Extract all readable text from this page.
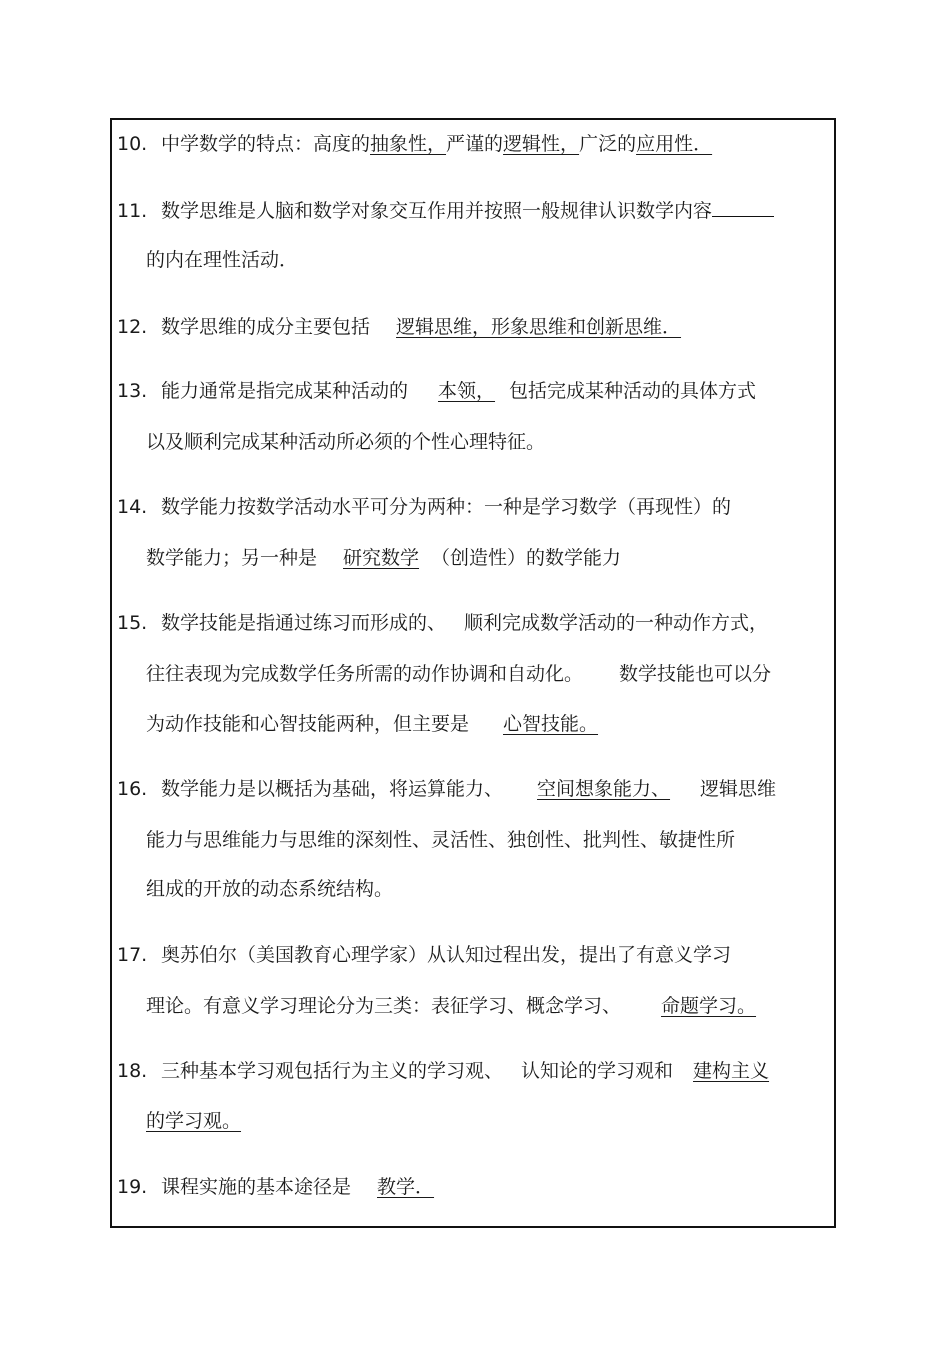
10. 中学数学的特点：高度的抽象性，严谨的逻辑性，广泛的应用性．
11. 数学思维是人脑和数学对象交互作用并按照一般规律认识数学内容
的内在理性活动．
12. 数学思维的成分主要包括 逻辑思维，形象思维和创新思维．
13. 能力通常是指完成某种活动的 本领， 包括完成某种活动的具体方式
以及顺利完成某种活动所必须的个性心理特征。
14. 数学能力按数学活动水平可分为两种：一种是学习数学（再现性）的
数学能力；另一种是 研究数学 （创造性）的数学能力
15. 数学技能是指通过练习而形成的、 顺利完成数学活动的一种动作方式，
往往表现为完成数学任务所需的动作协调和自动化。 数学技能也可以分
为动作技能和心智技能两种，但主要是 心智技能。
16. 数学能力是以概括为基础，将运算能力、 空间想象能力、 逻辑思维
能力与思维能力与思维的深刻性、灵活性、独创性、批判性、敏捷性所
组成的开放的动态系统结构。
17. 奥苏伯尔（美国教育心理学家）从认知过程出发，提出了有意义学习
理论。有意义学习理论分为三类：表征学习、概念学习、 命题学习。
18. 三种基本学习观包括行为主义的学习观、 认知论的学习观和 建构主义
的学习观。
19. 课程实施的基本途径是 教学．
